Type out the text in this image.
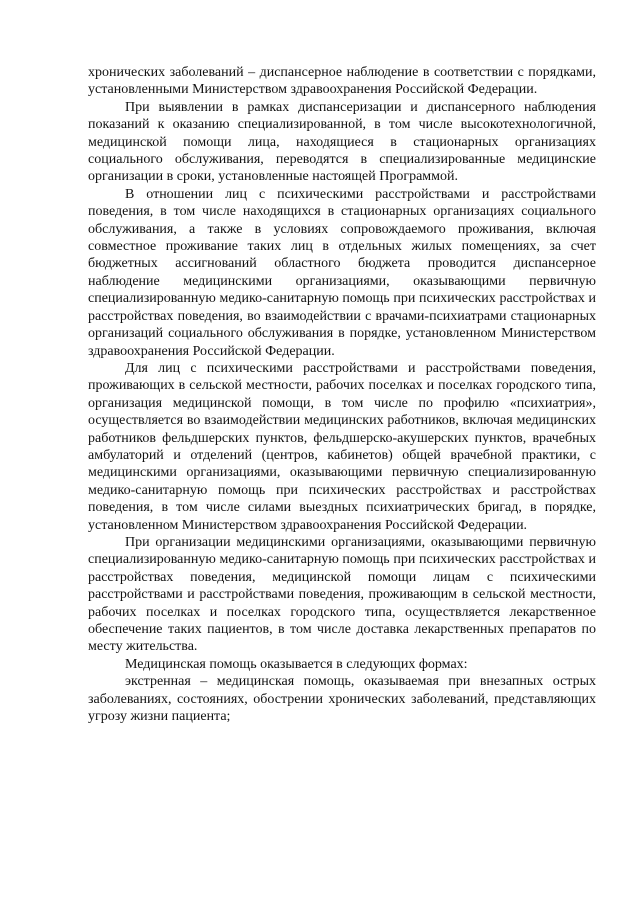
хронических заболеваний – диспансерное наблюдение в соответствии с порядками, установленными Министерством здравоохранения Российской Федерации.

При выявлении в рамках диспансеризации и диспансерного наблюдения показаний к оказанию специализированной, в том числе высокотехнологичной, медицинской помощи лица, находящиеся в стационарных организациях социального обслуживания, переводятся в специализированные медицинские организации в сроки, установленные настоящей Программой.

В отношении лиц с психическими расстройствами и расстройствами поведения, в том числе находящихся в стационарных организациях социального обслуживания, а также в условиях сопровождаемого проживания, включая совместное проживание таких лиц в отдельных жилых помещениях, за счет бюджетных ассигнований областного бюджета проводится диспансерное наблюдение медицинскими организациями, оказывающими первичную специализированную медико-санитарную помощь при психических расстройствах и расстройствах поведения, во взаимодействии с врачами-психиатрами стационарных организаций социального обслуживания в порядке, установленном Министерством здравоохранения Российской Федерации.

Для лиц с психическими расстройствами и расстройствами поведения, проживающих в сельской местности, рабочих поселках и поселках городского типа, организация медицинской помощи, в том числе по профилю «психиатрия», осуществляется во взаимодействии медицинских работников, включая медицинских работников фельдшерских пунктов, фельдшерско-акушерских пунктов, врачебных амбулаторий и отделений (центров, кабинетов) общей врачебной практики, с медицинскими организациями, оказывающими первичную специализированную медико-санитарную помощь при психических расстройствах и расстройствах поведения, в том числе силами выездных психиатрических бригад, в порядке, установленном Министерством здравоохранения Российской Федерации.

При организации медицинскими организациями, оказывающими первичную специализированную медико-санитарную помощь при психических расстройствах и расстройствах поведения, медицинской помощи лицам с психическими расстройствами и расстройствами поведения, проживающим в сельской местности, рабочих поселках и поселках городского типа, осуществляется лекарственное обеспечение таких пациентов, в том числе доставка лекарственных препаратов по месту жительства.

Медицинская помощь оказывается в следующих формах:

экстренная – медицинская помощь, оказываемая при внезапных острых заболеваниях, состояниях, обострении хронических заболеваний, представляющих угрозу жизни пациента;
